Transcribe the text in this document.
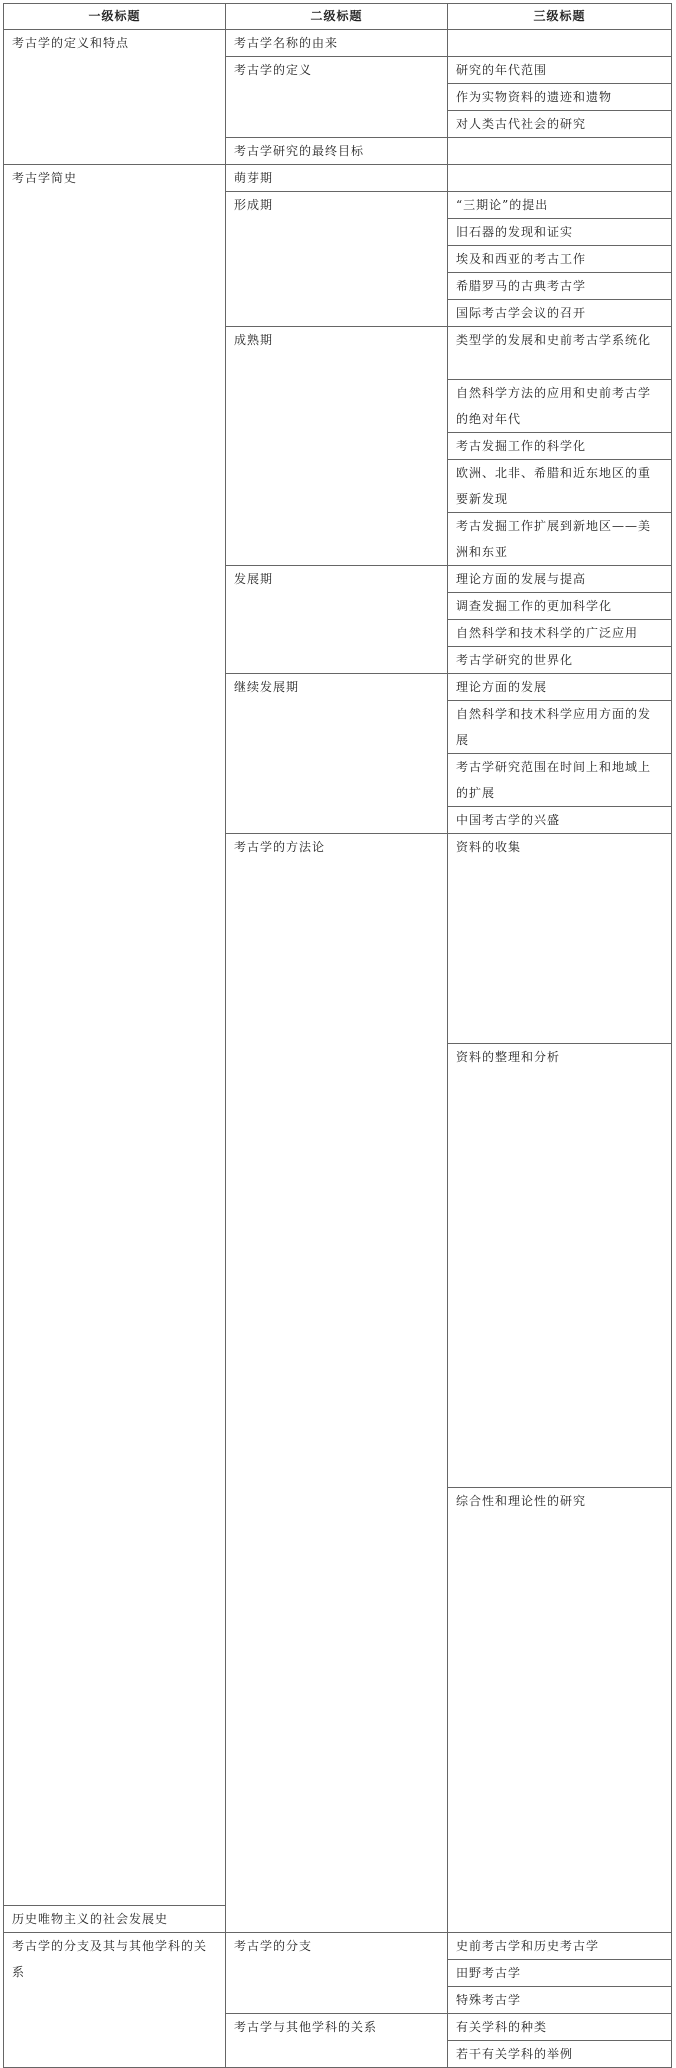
一级标题	二级标题	三级标题	

考古学的定义和特点	考古学名称的由来		

	考古学的定义	研究的年代范围	

		作为实物资料的遗迹和遗物	

		对人类古代社会的研究	

	考古学研究的最终目标		

考古学简史	萌芽期		

	形成期	“三期论”的提出	

		旧石器的发现和证实	

		埃及和西亚的考古工作	

		希腊罗马的古典考古学	

		国际考古学会议的召开	

	成熟期	类型学的发展和史前考古学系统化	

		自然科学方法的应用和史前考古学的绝对年代	

		考古发掘工作的科学化	

		欧洲、北非、希腊和近东地区的重要新发现	

		考古发掘工作扩展到新地区——美洲和东亚	

	发展期	理论方面的发展与提高	

		调查发掘工作的更加科学化	

		自然科学和技术科学的广泛应用	

		考古学研究的世界化	

	继续发展期	理论方面的发展	

		自然科学和技术科学应用方面的发展	

		考古学研究范围在时间上和地域上的扩展	

		中国考古学的兴盛	

	考古学的方法论	资料的收集

		资料的整理和分析

		综合性和理论性的研究

历史唯物主义的社会发展史			

考古学的分支及其与其他学科的关系	考古学的分支	史前考古学和历史考古学	

		田野考古学	

		特殊考古学	

	考古学与其他学科的关系	有关学科的种类	

		若干有关学科的举例	
